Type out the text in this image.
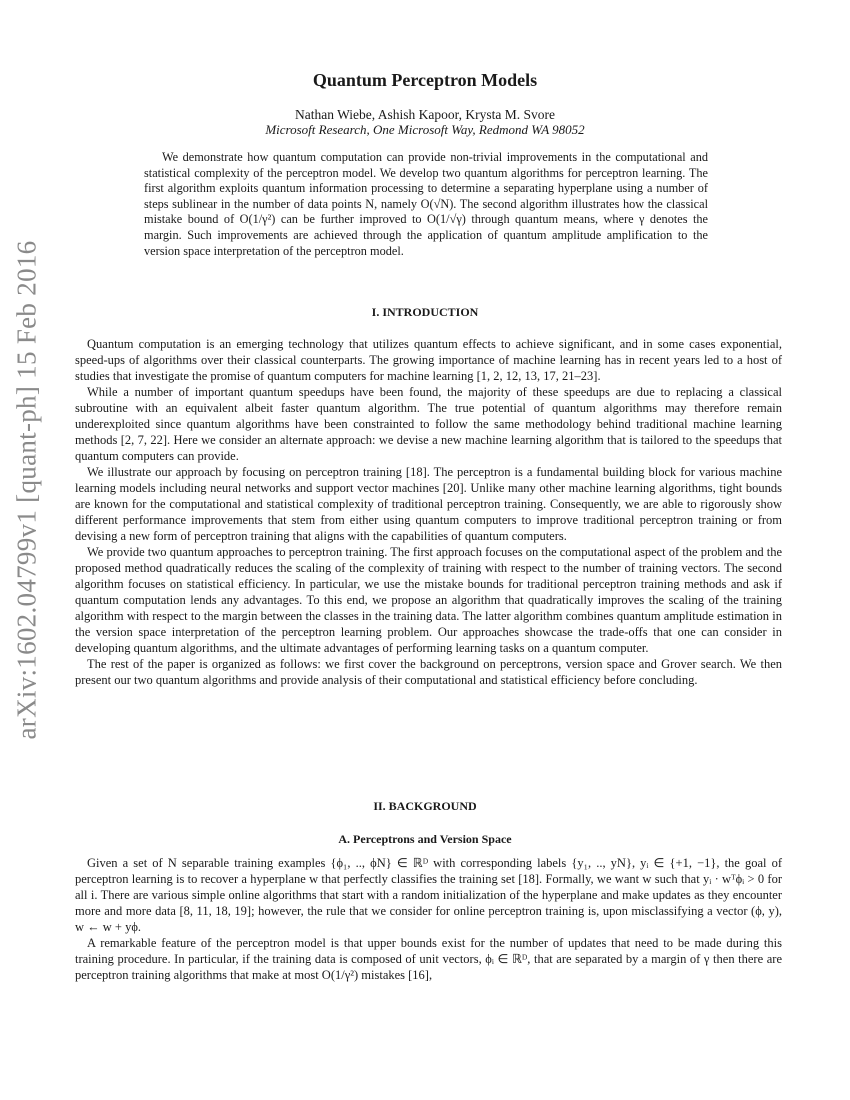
arXiv:1602.04799v1 [quant-ph] 15 Feb 2016
Quantum Perceptron Models
Nathan Wiebe, Ashish Kapoor, Krysta M. Svore
Microsoft Research, One Microsoft Way, Redmond WA 98052

We demonstrate how quantum computation can provide non-trivial improvements in the computational and statistical complexity of the perceptron model. We develop two quantum algorithms for perceptron learning. The first algorithm exploits quantum information processing to determine a separating hyperplane using a number of steps sublinear in the number of data points N, namely O(√N). The second algorithm illustrates how the classical mistake bound of O(1/γ²) can be further improved to O(1/√γ) through quantum means, where γ denotes the margin. Such improvements are achieved through the application of quantum amplitude amplification to the version space interpretation of the perceptron model.

I. INTRODUCTION

Quantum computation is an emerging technology that utilizes quantum effects to achieve significant, and in some cases exponential, speed-ups of algorithms over their classical counterparts. The growing importance of machine learning has in recent years led to a host of studies that investigate the promise of quantum computers for machine learning [1, 2, 12, 13, 17, 21–23].

While a number of important quantum speedups have been found, the majority of these speedups are due to replacing a classical subroutine with an equivalent albeit faster quantum algorithm. The true potential of quantum algorithms may therefore remain underexploited since quantum algorithms have been constrainted to follow the same methodology behind traditional machine learning methods [2, 7, 22]. Here we consider an alternate approach: we devise a new machine learning algorithm that is tailored to the speedups that quantum computers can provide.

We illustrate our approach by focusing on perceptron training [18]. The perceptron is a fundamental building block for various machine learning models including neural networks and support vector machines [20]. Unlike many other machine learning algorithms, tight bounds are known for the computational and statistical complexity of traditional perceptron training. Consequently, we are able to rigorously show different performance improvements that stem from either using quantum computers to improve traditional perceptron training or from devising a new form of perceptron training that aligns with the capabilities of quantum computers.

We provide two quantum approaches to perceptron training. The first approach focuses on the computational aspect of the problem and the proposed method quadratically reduces the scaling of the complexity of training with respect to the number of training vectors. The second algorithm focuses on statistical efficiency. In particular, we use the mistake bounds for traditional perceptron training methods and ask if quantum computation lends any advantages. To this end, we propose an algorithm that quadratically improves the scaling of the training algorithm with respect to the margin between the classes in the training data. The latter algorithm combines quantum amplitude estimation in the version space interpretation of the perceptron learning problem. Our approaches showcase the trade-offs that one can consider in developing quantum algorithms, and the ultimate advantages of performing learning tasks on a quantum computer.

The rest of the paper is organized as follows: we first cover the background on perceptrons, version space and Grover search. We then present our two quantum algorithms and provide analysis of their computational and statistical efficiency before concluding.

II. BACKGROUND
A. Perceptrons and Version Space

Given a set of N separable training examples {ϕ₁, .., ϕN} ∈ ℝᴰ with corresponding labels {y₁, .., yN}, yᵢ ∈ {+1, −1}, the goal of perceptron learning is to recover a hyperplane w that perfectly classifies the training set [18]. Formally, we want w such that yᵢ · wᵀϕᵢ > 0 for all i. There are various simple online algorithms that start with a random initialization of the hyperplane and make updates as they encounter more and more data [8, 11, 18, 19]; however, the rule that we consider for online perceptron training is, upon misclassifying a vector (ϕ, y), w ← w + yϕ.

A remarkable feature of the perceptron model is that upper bounds exist for the number of updates that need to be made during this training procedure. In particular, if the training data is composed of unit vectors, ϕᵢ ∈ ℝᴰ, that are separated by a margin of γ then there are perceptron training algorithms that make at most O(1/γ²) mistakes [16],
